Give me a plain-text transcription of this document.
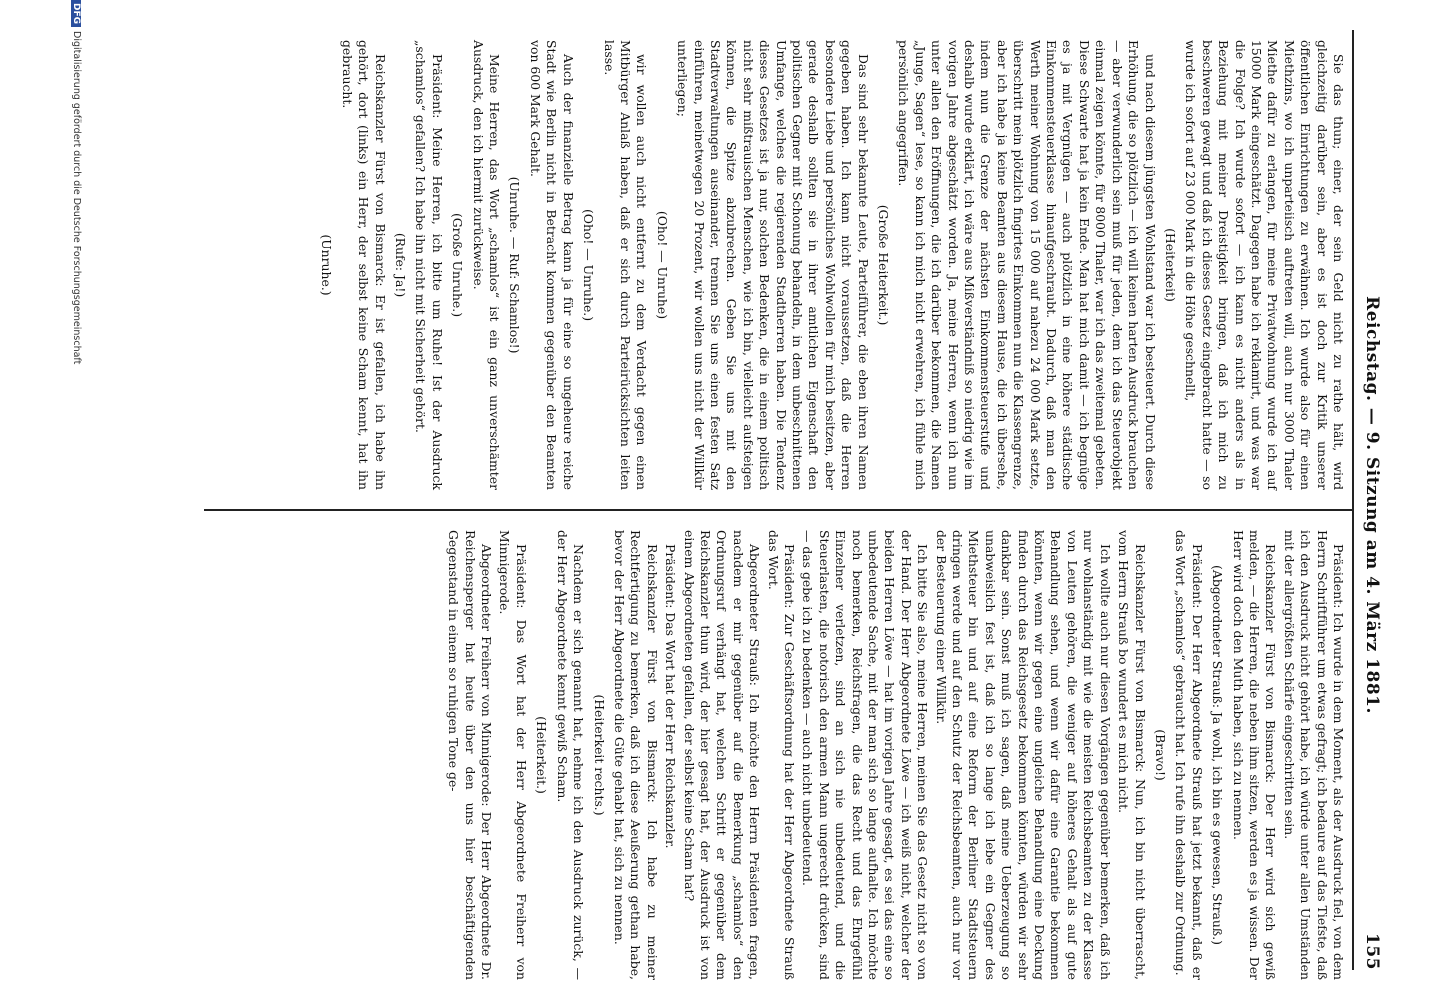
Reichstag. — 9. Sitzung am 4. März 1881.
155

Sie das thun; einer, der sein Geld nicht zu rathe hält, wird gleichzeitig darüber sein, aber es ist doch zur Kritik unserer öffentlichen Einrichtungen zu erwähnen. Ich wurde also für einen Miethzins, wo ich unparteiisch auftreten will, auch nur 3000 Thaler Miethe dafür zu erlangen, für meine Privatwohnung wurde ich auf 15000 Mark eingeschätzt. Dagegen habe ich reklamirt, und was war die Folge? Ich wurde sofort — ich kann es nicht anders als in Beziehung mit meiner Dreistigkeit bringen, daß ich mich zu beschweren gewagt und daß ich dieses Gesetz eingebracht hatte — so wurde ich sofort auf 23 000 Mark in die Höhe geschnellt,

(Heiterkeit)

und nach diesem jüngsten Wohlstand war ich besteuert. Durch diese Erhöhung, die so plötzlich — ich will keinen harten Ausdruck brauchen — aber verwunderlich sein muß für jeden, dem ich das Steuerobjekt einmal zeigen könnte, für 8000 Thaler, war ich das zweitemal gebeten. Diese Schwarte hat ja kein Ende. Man hat mich damit — ich begnüge es ja mit Vergnügen — auch plötzlich in eine höhere städtische Einkommensteuerklasse hinaufgeschraubt. Dadurch, daß man den Werth meiner Wohnung von 15 000 auf nahezu 24 000 Mark setzte, überschritt mein plötzlich fingirtes Einkommen nun die Klassengrenze, aber ich habe ja keine Beamten aus diesem Hause, die ich übersehe, indem nun die Grenze der nächsten Einkommensteuerstufe und deshalb wurde erklärt, ich wäre aus Mißverständniß so niedrig wie im vorigen Jahre abgeschätzt worden. Ja, meine Herren, wenn ich nun unter allen den Eröffnungen, die ich darüber bekommen, die Namen „Junge, Sagen“ lese, so kann ich mich nicht erwehren, ich fühle mich persönlich angegriffen.

(Große Heiterkeit.)

Das sind sehr bekannte Leute, Parteiführer, die eben ihren Namen gegeben haben. Ich kann nicht voraussetzen, daß die Herren besondere Liebe und persönliches Wohlwollen für mich besitzen, aber gerade deshalb sollten sie in ihrer amtlichen Eigenschaft den politischen Gegner mit Schonung behandeln, in dem unbeschnittenen Umfange, welches die regierenden Stadtherren haben. Die Tendenz dieses Gesetzes ist ja nur, solchen Bedenken, die in einem politisch nicht sehr mißtrauischen Menschen, wie ich bin, vielleicht aufsteigen können, die Spitze abzubrechen. Geben Sie uns mit den Stadtverwaltungen auseinander, trennen Sie uns einen festen Satz einführen, meinetwegen 20 Prozent, wir wollen uns nicht der Willkür unterliegen;

(Oho! — Unruhe)

wir wollen auch nicht entfernt zu dem Verdacht gegen einen Mitbürger Anlaß haben, daß er sich durch Parteirücksichten leiten lasse.

(Oho! — Unruhe.)

Auch der finanzielle Betrag kann ja für eine so ungeheure reiche Stadt wie Berlin nicht in Betracht kommen gegenüber den Beamten von 600 Mark Gehalt.

(Unruhe. — Ruf: Schamlos!)

Meine Herren, das Wort „schamlos“ ist ein ganz unverschämter Ausdruck, den ich hiermit zurückweise.

(Große Unruhe.)

Präsident: Meine Herren, ich bitte um Ruhe! Ist der Ausdruck „schamlos“ gefallen? Ich habe ihn nicht mit Sicherheit gehört.

(Rufe: Ja!)

Reichskanzler Fürst von Bismarck: Er ist gefallen, ich habe ihn gehört, dort (links) ein Herr, der selbst keine Scham kennt, hat ihn gebraucht.

(Unruhe.)

Präsident: Ich wurde in dem Moment, als der Ausdruck fiel, von dem Herrn Schriftführer um etwas gefragt; ich bedaure auf das Tiefste, daß ich den Ausdruck nicht gehört habe, ich würde unter allen Umständen mit der allergrößten Schärfe eingeschritten sein.

Reichskanzler Fürst von Bismarck: Der Herr wird sich gewiß melden, — die Herren, die neben ihm sitzen, werden es ja wissen. Der Herr wird doch den Muth haben, sich zu nennen.

(Abgeordneter Strauß: Ja wohl, ich bin es gewesen, Strauß.)

Präsident: Der Herr Abgeordnete Strauß hat jetzt bekannt, daß er das Wort „schamlos“ gebraucht hat. Ich rufe ihn deshalb zur Ordnung.

(Bravo!)

Reichskanzler Fürst von Bismarck: Nun, ich bin nicht überrascht, vom Herrn Strauß bo wundert es mich nicht.

Ich wollte auch nur diesen Vorgängen gegenüber bemerken, daß ich nur wohlanständig mit wie die meisten Reichsbeamten zu der Klasse von Leuten gehören, die weniger auf höheres Gehalt als auf gute Behandlung sehen, und wenn wir dafür eine Garantie bekommen könnten, wenn wir gegen eine ungleiche Behandlung eine Deckung finden durch das Reichsgesetz bekommen könnten, würden wir sehr dankbar sein. Sonst muß ich sagen, daß meine Ueberzeugung so unabweislich fest ist, daß ich so lange ich lebe ein Gegner des Miethsteuer bin und auf eine Reform der Berliner Stadtsteuern dringen werde und auf den Schutz der Reichsbeamten, auch nur vor der Besteuerung einer Willkür.

Ich bitte Sie also, meine Herren, meinen Sie das Gesetz nicht so von der Hand. Der Herr Abgeordnete Löwe — ich weiß nicht, welcher der beiden Herren Löwe — hat im vorigen Jahre gesagt, es sei das eine so unbedeutende Sache, mit der man sich so lange aufhalte. Ich möchte noch bemerken, Reichsfragen, die das Recht und das Ehrgefühl Einzelner verletzen, sind an sich nie unbedeutend, und die Steuerlasten, die notorisch den armen Mann ungerecht drücken, sind — das gebe ich zu bedenken — auch nicht unbedeutend.

Präsident: Zur Geschäftsordnung hat der Herr Abgeordnete Strauß das Wort.

Abgeordneter Strauß: Ich möchte den Herrn Präsidenten fragen, nachdem er mir gegenüber auf die Bemerkung „schamlos“ den Ordnungsruf verhängt hat, welchen Schritt er gegenüber dem Reichskanzler thun wird, der hier gesagt hat, der Ausdruck ist von einem Abgeordneten gefallen, der selbst keine Scham hat?

Präsident: Das Wort hat der Herr Reichskanzler.

Reichskanzler Fürst von Bismarck: Ich habe zu meiner Rechtfertigung zu bemerken, daß ich diese Aeußerung gethan habe, bevor der Herr Abgeordnete die Güte gehabt hat, sich zu nennen.

(Heiterkeit rechts.)

Nachdem er sich genannt hat, nehme ich den Ausdruck zurück, — der Herr Abgeordnete kennt gewiß Scham.

(Heiterkeit.)

Präsident: Das Wort hat der Herr Abgeordnete Freiherr von Minnigerode.

Abgeordneter Freiherr von Minnigerode: Der Herr Abgeordnete Dr. Reichensperger hat heute über den uns hier beschäftigenden Gegenstand in einem so ruhigen Tone ge-

DFGDigitalisierung gefördert durch die Deutsche Forschungsgemeinschaft
